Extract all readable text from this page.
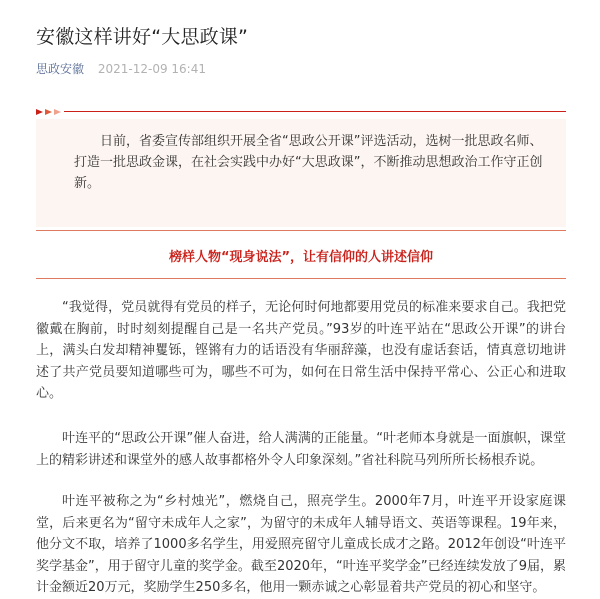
安徽这样讲好“大思政课”
思政安徽 2021-12-09 16:41

日前，省委宣传部组织开展全省“思政公开课”评选活动，选树一批思政名师、打造一批思政金课，在社会实践中办好“大思政课”，不断推动思想政治工作守正创新。

榜样人物“现身说法”，让有信仰的人讲述信仰

“我觉得，党员就得有党员的样子，无论何时何地都要用党员的标准来要求自己。我把党徽戴在胸前，时时刻刻提醒自己是一名共产党员。”93岁的叶连平站在“思政公开课”的讲台上，满头白发却精神矍铄，铿锵有力的话语没有华丽辞藻，也没有虚话套话，情真意切地讲述了共产党员要知道哪些可为，哪些不可为，如何在日常生活中保持平常心、公正心和进取心。

叶连平的“思政公开课”催人奋进，给人满满的正能量。“叶老师本身就是一面旗帜，课堂上的精彩讲述和课堂外的感人故事都格外令人印象深刻。”省社科院马列所所长杨根乔说。

叶连平被称之为“乡村烛光”，燃烧自己，照亮学生。2000年7月，叶连平开设家庭课堂，后来更名为“留守未成年人之家”，为留守的未成年人辅导语文、英语等课程。19年来，他分文不取，培养了1000多名学生，用爱照亮留守儿童成长成才之路。2012年创设“叶连平奖学基金”，用于留守儿童的奖学金。截至2020年，“叶连平奖学金”已经连续发放了9届，累计金额近20万元，奖励学生250多名，他用一颗赤诚之心彰显着共产党员的初心和坚守。
